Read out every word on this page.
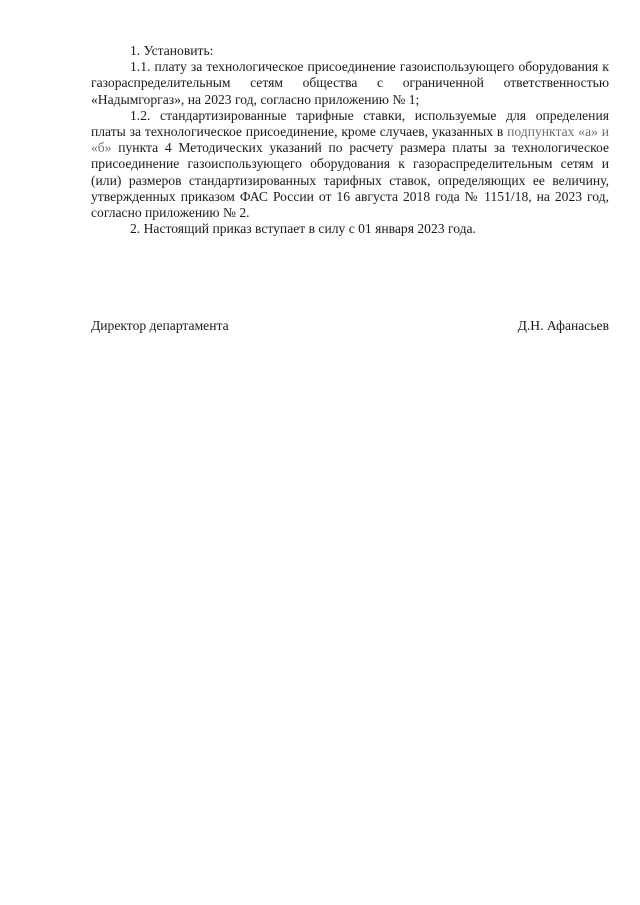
1. Установить:

1.1. плату за технологическое присоединение газоиспользующего оборудования к газораспределительным сетям общества с ограниченной ответственностью «Надымгоргаз», на 2023 год, согласно приложению № 1;

1.2. стандартизированные тарифные ставки, используемые для определения платы за технологическое присоединение, кроме случаев, указанных в подпунктах «а» и «б» пункта 4 Методических указаний по расчету размера платы за технологическое присоединение газоиспользующего оборудования к газораспределительным сетям и (или) размеров стандартизированных тарифных ставок, определяющих ее величину, утвержденных приказом ФАС России от 16 августа 2018 года № 1151/18, на 2023 год, согласно приложению № 2.

2. Настоящий приказ вступает в силу с 01 января 2023 года.

Директор департамента	Д.Н. Афанасьев
